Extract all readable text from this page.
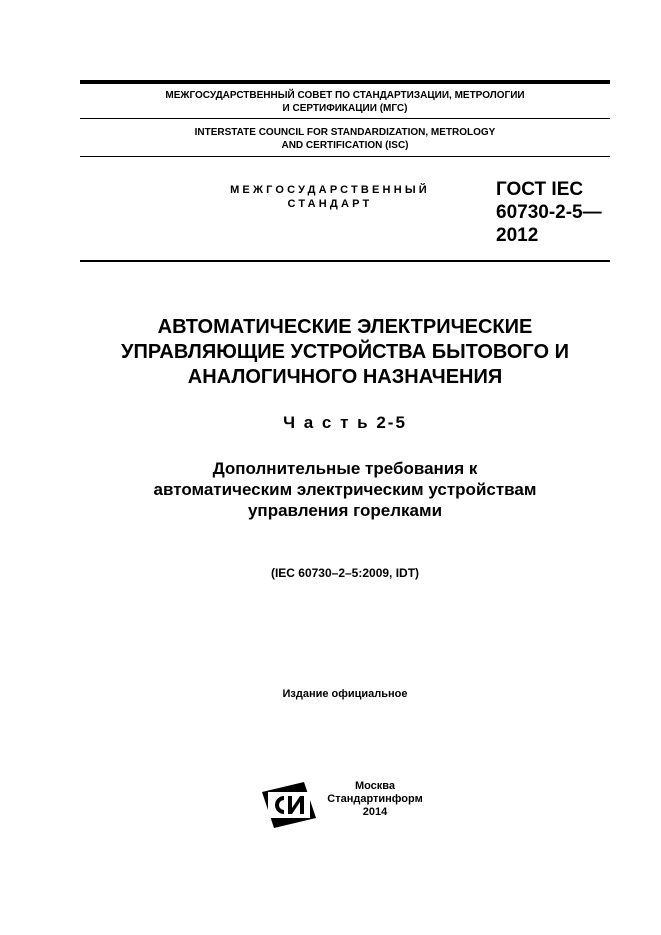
МЕЖГОСУДАРСТВЕННЫЙ СОВЕТ ПО СТАНДАРТИЗАЦИИ, МЕТРОЛОГИИ
И СЕРТИФИКАЦИИ (МГС)
INTERSTATE COUNCIL FOR STANDARDIZATION, METROLOGY
AND CERTIFICATION (ISC)
МЕЖГОСУДАРСТВЕННЫЙ
СТАНДАРТ
ГОСТ IEC
60730-2-5—
2012
АВТОМАТИЧЕСКИЕ ЭЛЕКТРИЧЕСКИЕ
УПРАВЛЯЮЩИЕ УСТРОЙСТВА БЫТОВОГО И
АНАЛОГИЧНОГО НАЗНАЧЕНИЯ
Ч а с т ь 2-5
Дополнительные требования к
автоматическим электрическим устройствам
управления горелками
(IEC 60730–2–5:2009, IDT)
Издание официальное
Москва
Стандартинформ
2014
